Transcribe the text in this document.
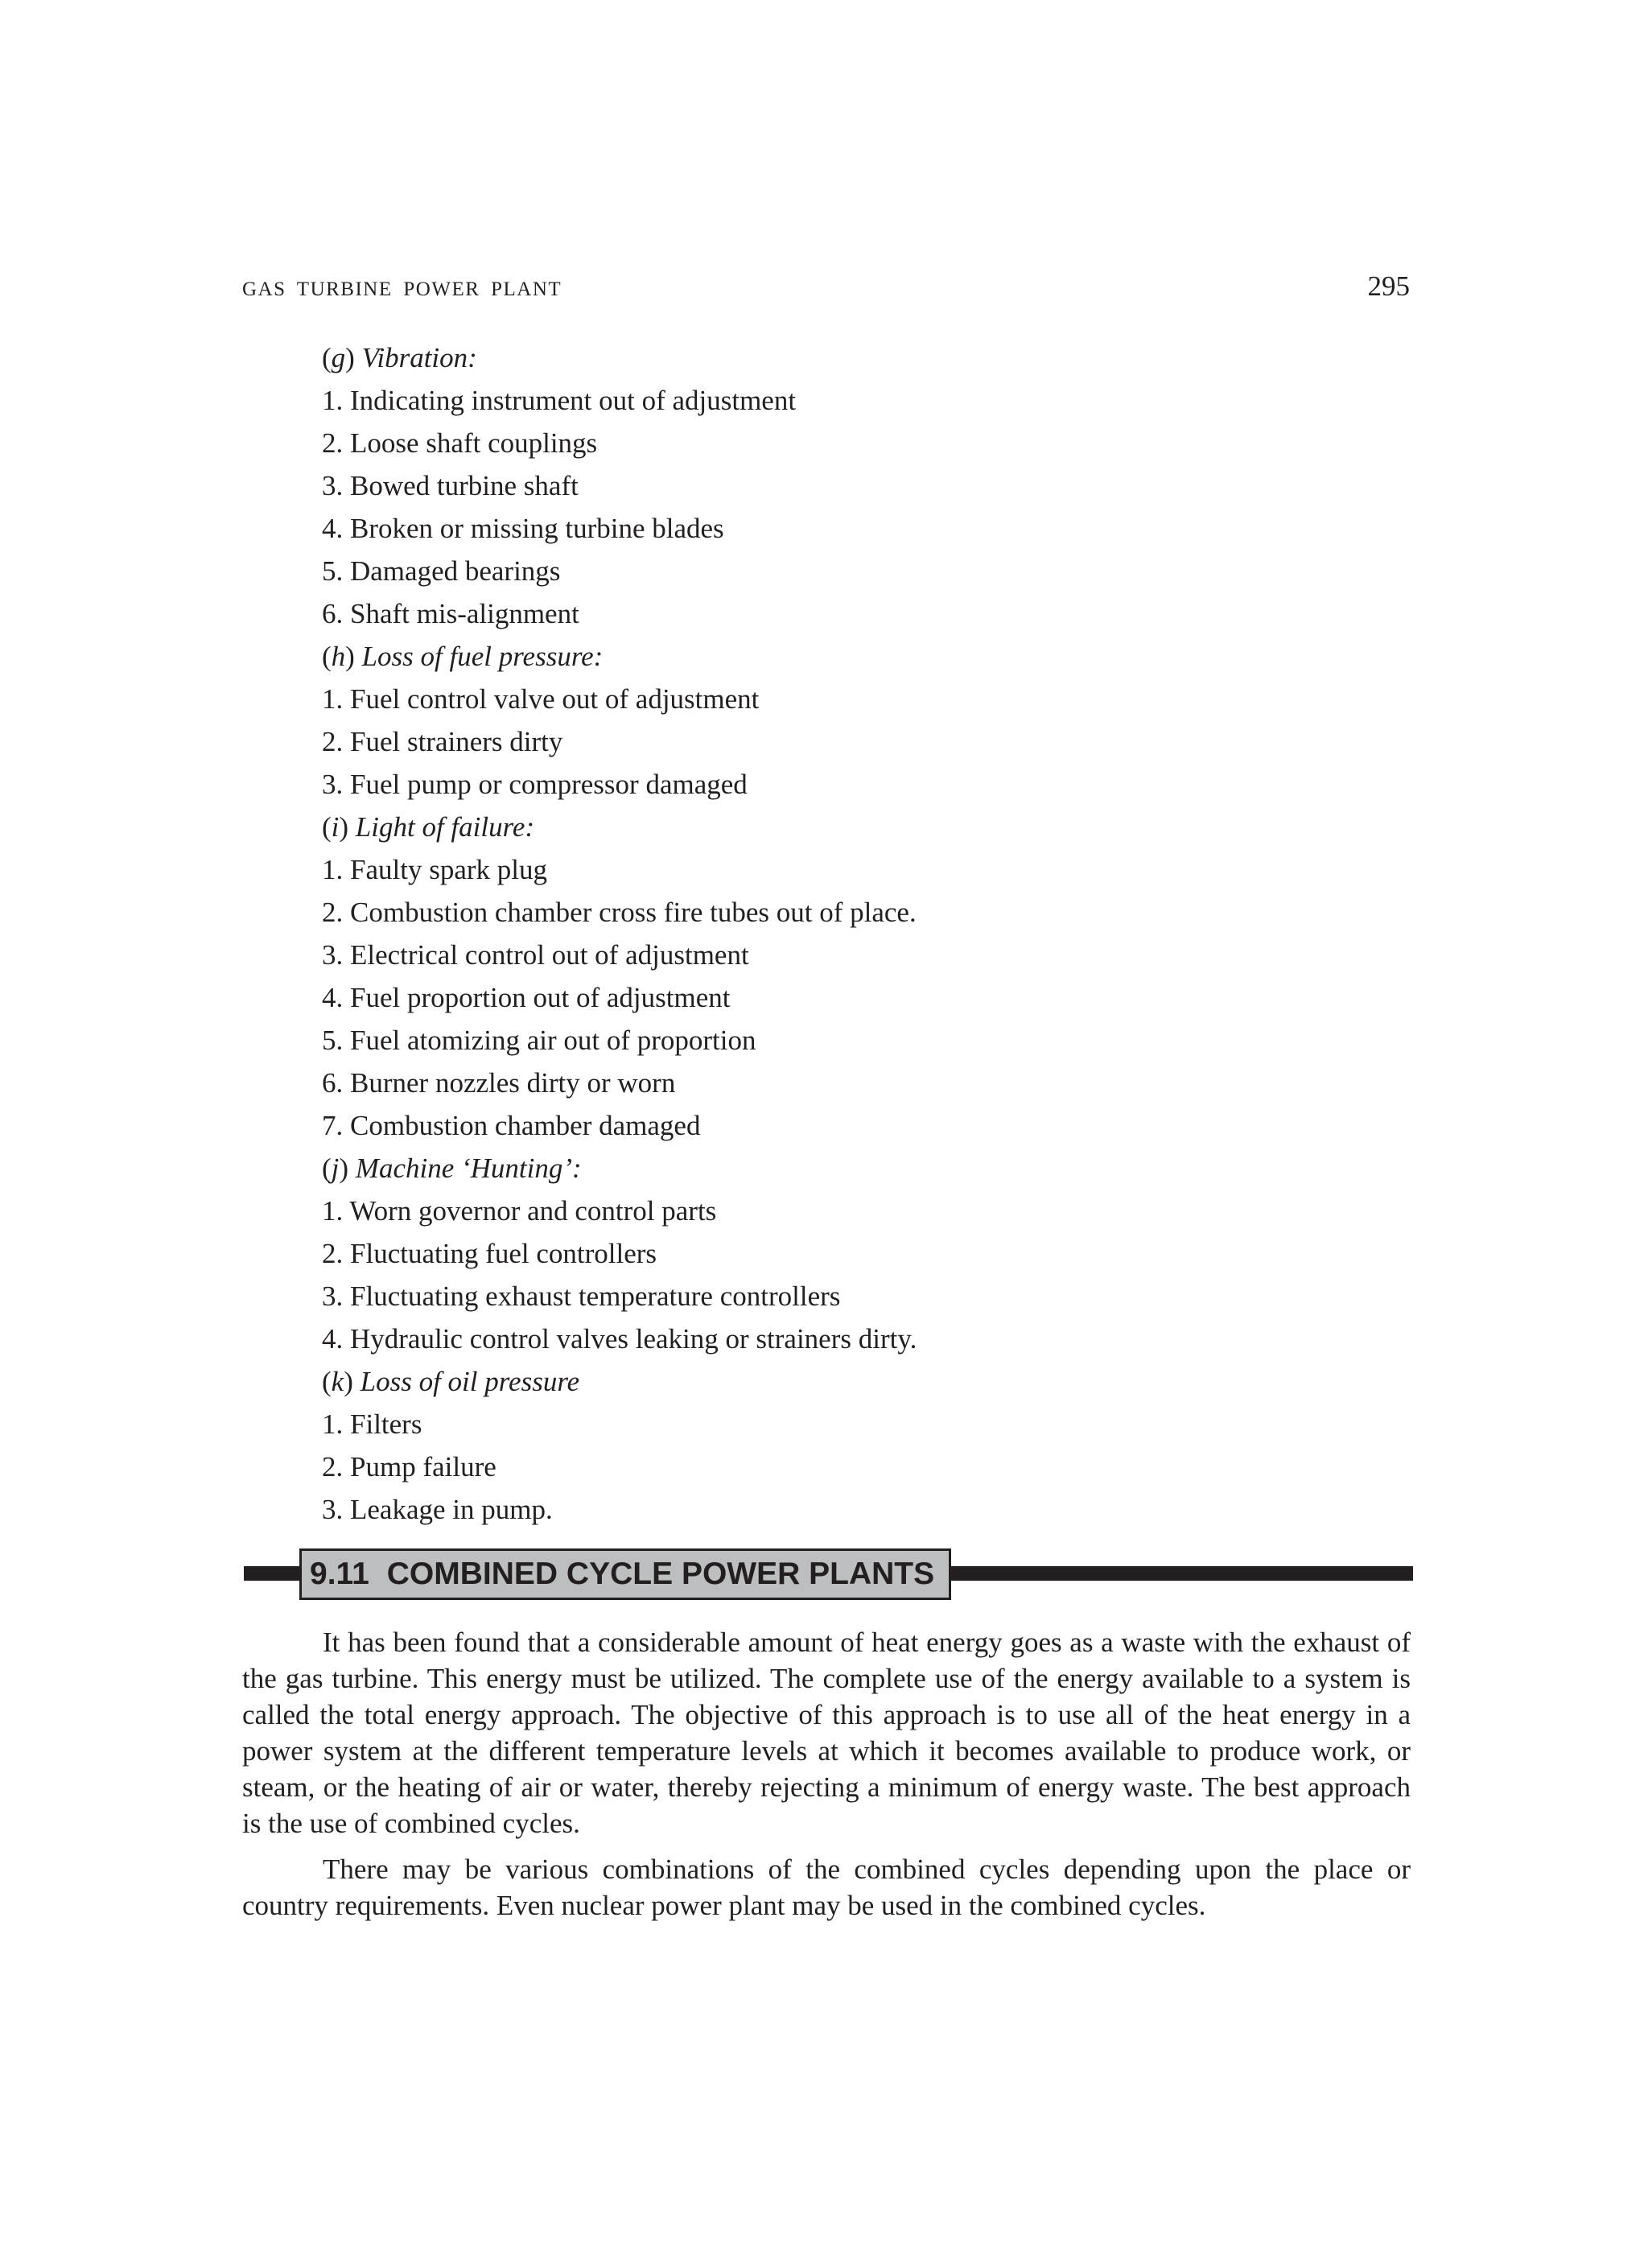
GAS TURBINE POWER PLANT	295
(g) Vibration:
1. Indicating instrument out of adjustment
2. Loose shaft couplings
3. Bowed turbine shaft
4. Broken or missing turbine blades
5. Damaged bearings
6. Shaft mis-alignment
(h) Loss of fuel pressure:
1. Fuel control valve out of adjustment
2. Fuel strainers dirty
3. Fuel pump or compressor damaged
(i) Light of failure:
1. Faulty spark plug
2. Combustion chamber cross fire tubes out of place.
3. Electrical control out of adjustment
4. Fuel proportion out of adjustment
5. Fuel atomizing air out of proportion
6. Burner nozzles dirty or worn
7. Combustion chamber damaged
(j) Machine ‘Hunting’:
1. Worn governor and control parts
2. Fluctuating fuel controllers
3. Fluctuating exhaust temperature controllers
4. Hydraulic control valves leaking or strainers dirty.
(k) Loss of oil pressure
1. Filters
2. Pump failure
3. Leakage in pump.
9.11 COMBINED CYCLE POWER PLANTS

It has been found that a considerable amount of heat energy goes as a waste with the exhaust of the gas turbine. This energy must be utilized. The complete use of the energy available to a system is called the total energy approach. The objective of this approach is to use all of the heat energy in a power system at the different temperature levels at which it becomes available to produce work, or steam, or the heating of air or water, thereby rejecting a minimum of energy waste. The best approach is the use of combined cycles.

There may be various combinations of the combined cycles depending upon the place or country requirements. Even nuclear power plant may be used in the combined cycles.
